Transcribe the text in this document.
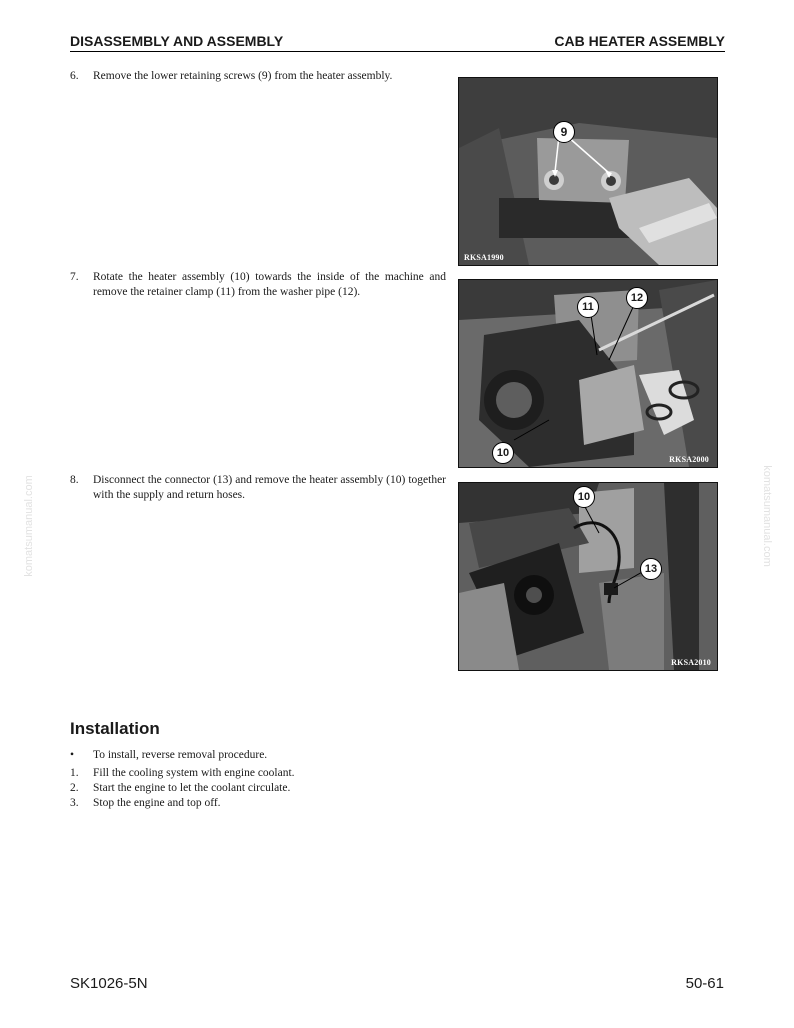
DISASSEMBLY AND ASSEMBLY	CAB HEATER ASSEMBLY
komatsumanual.com	komatsumanual.com
6. Remove the lower retaining screws (9) from the heater assembly.
9
RKSA1990
7. Rotate the heater assembly (10) towards the inside of the machine and remove the retainer clamp (11) from the washer pipe (12).
11
12
10
RKSA2000
8. Disconnect the connector (13) and remove the heater assembly (10) together with the supply and return hoses.	10
13
RKSA2010
Installation
• To install, reverse removal procedure.
1. Fill the cooling system with engine coolant.
2. Start the engine to let the coolant circulate.
3. Stop the engine and top off.
SK1026-5N	50-61
